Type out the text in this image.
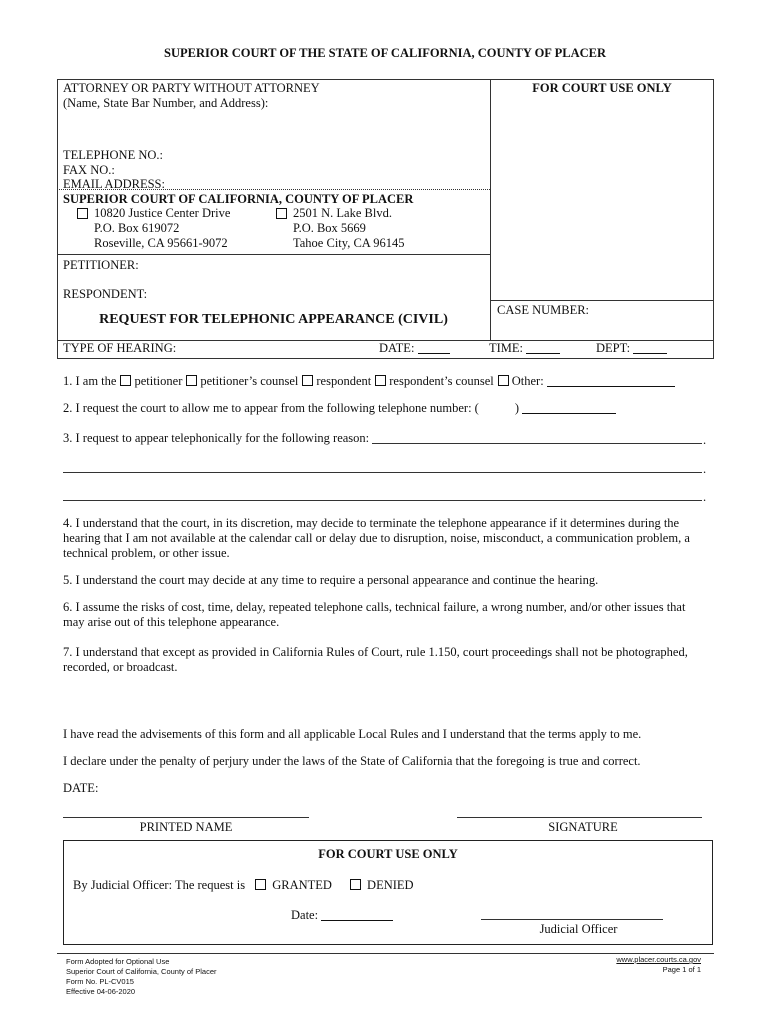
SUPERIOR COURT OF THE STATE OF CALIFORNIA, COUNTY OF PLACER
ATTORNEY OR PARTY WITHOUT ATTORNEY
(Name, State Bar Number, and Address):
TELEPHONE NO.:
FAX NO.:
EMAIL ADDRESS:
FOR COURT USE ONLY
SUPERIOR COURT OF CALIFORNIA, COUNTY OF PLACER
10820 Justice Center Drive
P.O. Box 619072
Roseville, CA 95661-9072
2501 N. Lake Blvd.
P.O. Box 5669
Tahoe City, CA 96145
PETITIONER:
RESPONDENT:
CASE NUMBER:
REQUEST FOR TELEPHONIC APPEARANCE (CIVIL)
TYPE OF HEARING:	DATE:	TIME:	DEPT:
1. I am the petitioner petitioner’s counsel respondent respondent’s counsel Other:
2. I request the court to allow me to appear from the following telephone number: (	)
3. I request to appear telephonically for the following reason:	.
.
.
4. I understand that the court, in its discretion, may decide to terminate the telephone appearance if it determines during the hearing that I am not available at the calendar call or delay due to disruption, noise, misconduct, a communication problem, a technical problem, or other issue.
5. I understand the court may decide at any time to require a personal appearance and continue the hearing.
6. I assume the risks of cost, time, delay, repeated telephone calls, technical failure, a wrong number, and/or other issues that may arise out of this telephone appearance.
7. I understand that except as provided in California Rules of Court, rule 1.150, court proceedings shall not be photographed, recorded, or broadcast.
I have read the advisements of this form and all applicable Local Rules and I understand that the terms apply to me.
I declare under the penalty of perjury under the laws of the State of California that the foregoing is true and correct.
DATE:
PRINTED NAME	SIGNATURE
FOR COURT USE ONLY
By Judicial Officer: The request is GRANTED	DENIED
Date:
Judicial Officer
Form Adopted for Optional Use
Superior Court of California, County of Placer
Form No. PL-CV015
Effective 04-06-2020
www.placer.courts.ca.gov
Page 1 of 1
